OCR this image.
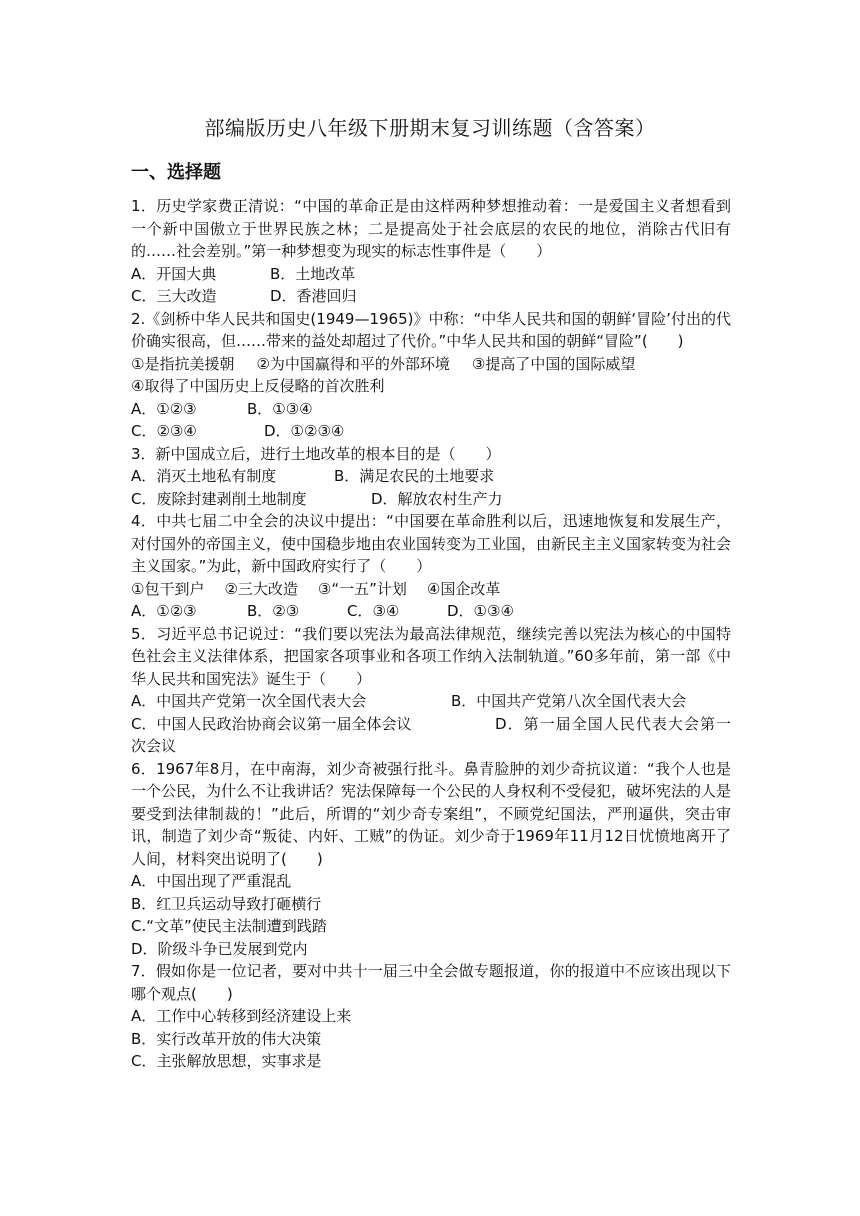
部编版历史八年级下册期末复习训练题（含答案）
一、选择题

1．历史学家费正清说：“中国的革命正是由这样两种梦想推动着：一是爱国主义者想看到一个新中国傲立于世界民族之林；二是提高处于社会底层的农民的地位，消除古代旧有的……社会差别。”第一种梦想变为现实的标志性事件是（　　）

A．开国大典	B．土地改革
C．三大改造	D．香港回归

2.《剑桥中华人民共和国史(1949—1965)》中称：“中华人民共和国的朝鲜‘冒险’付出的代价确实很高，但……带来的益处却超过了代价。”中华人民共和国的朝鲜“冒险”(　　)

①是指抗美援朝 ②为中国赢得和平的外部环境 ③提高了中国的国际威望
④取得了中国历史上反侵略的首次胜利
A．①②③	B．①③④
C．②③④	D．①②③④

3．新中国成立后，进行土地改革的根本目的是（　　）

A．消灭土地私有制度	B．满足农民的土地要求
C．废除封建剥削土地制度	D．解放农村生产力

4．中共七届二中全会的决议中提出：“中国要在革命胜利以后，迅速地恢复和发展生产，对付国外的帝国主义，使中国稳步地由农业国转变为工业国，由新民主主义国家转变为社会主义国家。”为此，新中国政府实行了（　　）

①包干到户 ②三大改造 ③“一五”计划 ④国企改革
A．①②③	B．②③	C．③④	D．①③④

5．习近平总书记说过：“我们要以宪法为最高法律规范，继续完善以宪法为核心的中国特色社会主义法律体系，把国家各项事业和各项工作纳入法制轨道。”60多年前，第一部《中华人民共和国宪法》诞生于（　　）

A．中国共产党第一次全国代表大会	B．中国共产党第八次全国代表大会

C．中国人民政治协商会议第一届全体会议	D．第一届全国人民代表大会第一次会议

6．1967年8月，在中南海，刘少奇被强行批斗。鼻青脸肿的刘少奇抗议道：“我个人也是一个公民，为什么不让我讲话？宪法保障每一个公民的人身权利不受侵犯，破坏宪法的人是要受到法律制裁的！”此后，所谓的“刘少奇专案组”，不顾党纪国法，严刑逼供，突击审讯，制造了刘少奇“叛徒、内奸、工贼”的伪证。刘少奇于1969年11月12日忧愤地离开了人间，材料突出说明了(　　)

A．中国出现了严重混乱
B．红卫兵运动导致打砸横行
C.“文革”使民主法制遭到践踏
D．阶级斗争已发展到党内

7．假如你是一位记者，要对中共十一届三中全会做专题报道，你的报道中不应该出现以下哪个观点(　　)

A．工作中心转移到经济建设上来
B．实行改革开放的伟大决策
C．主张解放思想，实事求是
